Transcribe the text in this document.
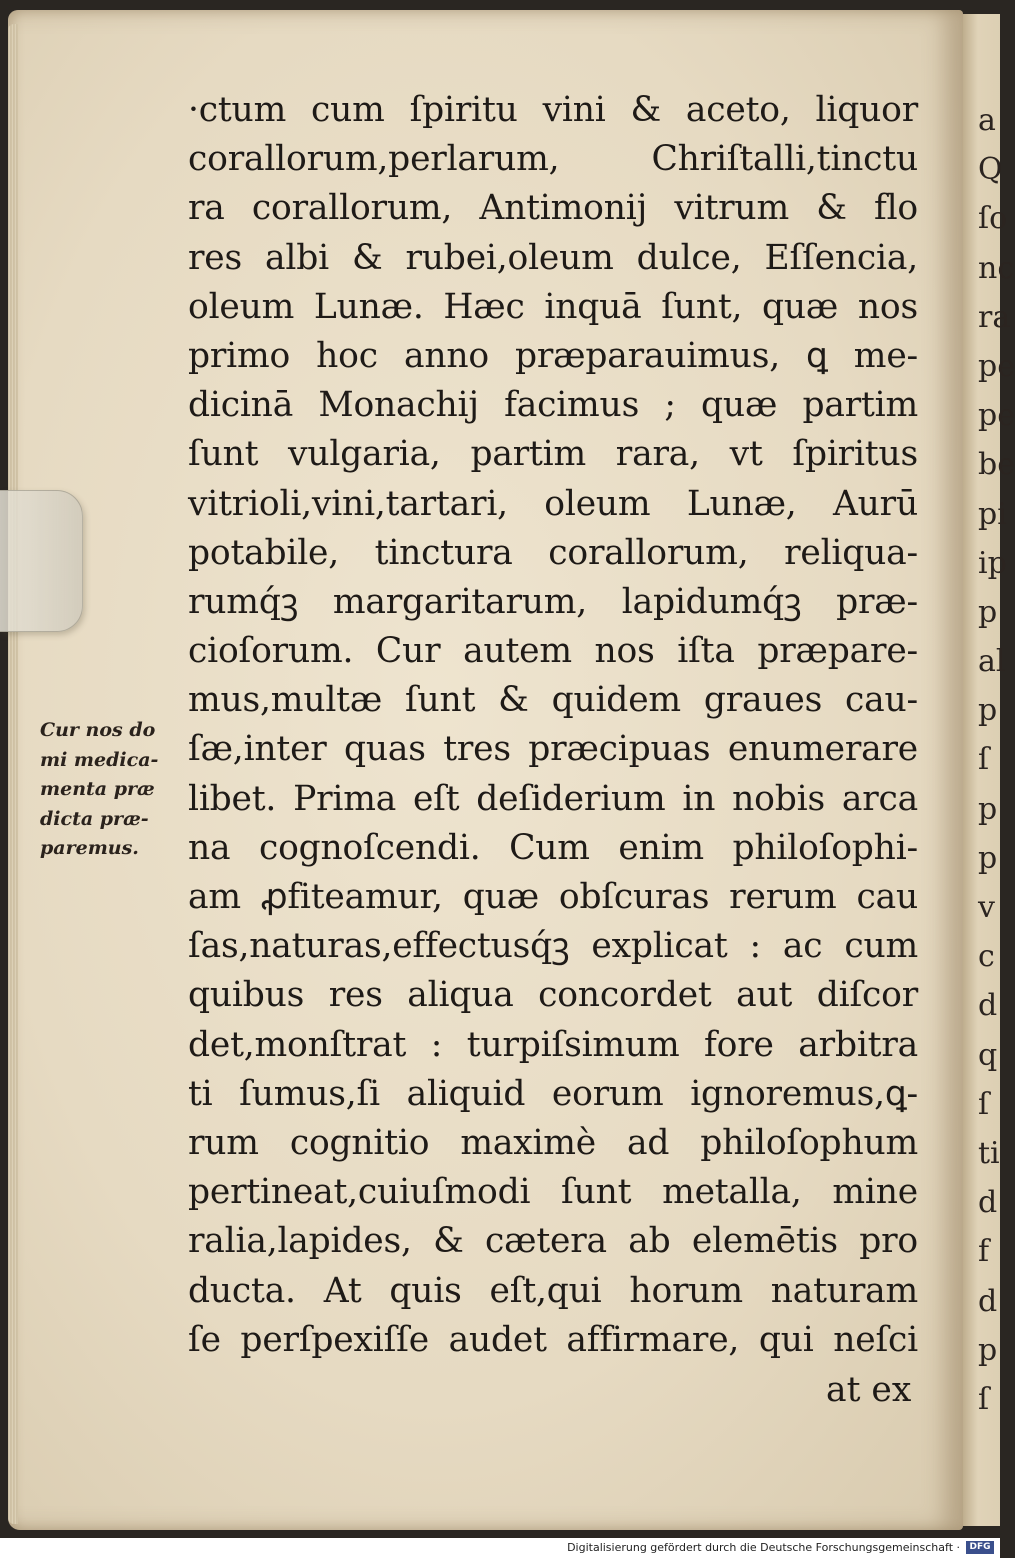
a
Q
ſo
nc
ra
pe
pe
be
pi
ip
p
al
p
ſ
p
p
v
c
d
q
ſ
ti
d
f
d
p
ſ
Cur nos do
mi medica-
menta præ
dicta præ-
paremus.
·ctum cum ſpiritu vini & aceto, liquor
corallorum,perlarum, Chriſtalli,tinctu
ra corallorum, Antimonij vitrum & flo
res albi & rubei,oleum dulce, Eſſencia,
oleum Lunæ. Hæc inquā ſunt, quæ nos
primo hoc anno præparauimus, ꝗ me-
dicinā Monachij facimus ; quæ partim
ſunt vulgaria, partim rara, vt ſpiritus
vitrioli,vini,tartari, oleum Lunæ, Aurū
potabile, tinctura corallorum, reliqua-
rumq́ꝫ margaritarum, lapidumq́ꝫ præ-
cioſorum. Cur autem nos iſta præpare-
mus,multæ ſunt & quidem graues cau-
ſæ,inter quas tres præcipuas enumerare
libet. Prima eſt deſiderium in nobis arca
na cognoſcendi. Cum enim philoſophi-
am ꝓfiteamur, quæ obſcuras rerum cau
ſas,naturas,effectusq́ꝫ explicat : ac cum
quibus res aliqua concordet aut diſcor
det,monſtrat : turpiſsimum fore arbitra
ti ſumus,ſi aliquid eorum ignoremus,ꝗ-
rum cognitio maximè ad philoſophum
pertineat,cuiuſmodi ſunt metalla, mine
ralia,lapides, & cætera ab elemētis pro
ducta. At quis eſt,qui horum naturam
ſe perſpexiſſe audet affirmare, qui neſci
at ex
Digitalisierung gefördert durch die Deutsche Forschungsgemeinschaft ·	DFG
